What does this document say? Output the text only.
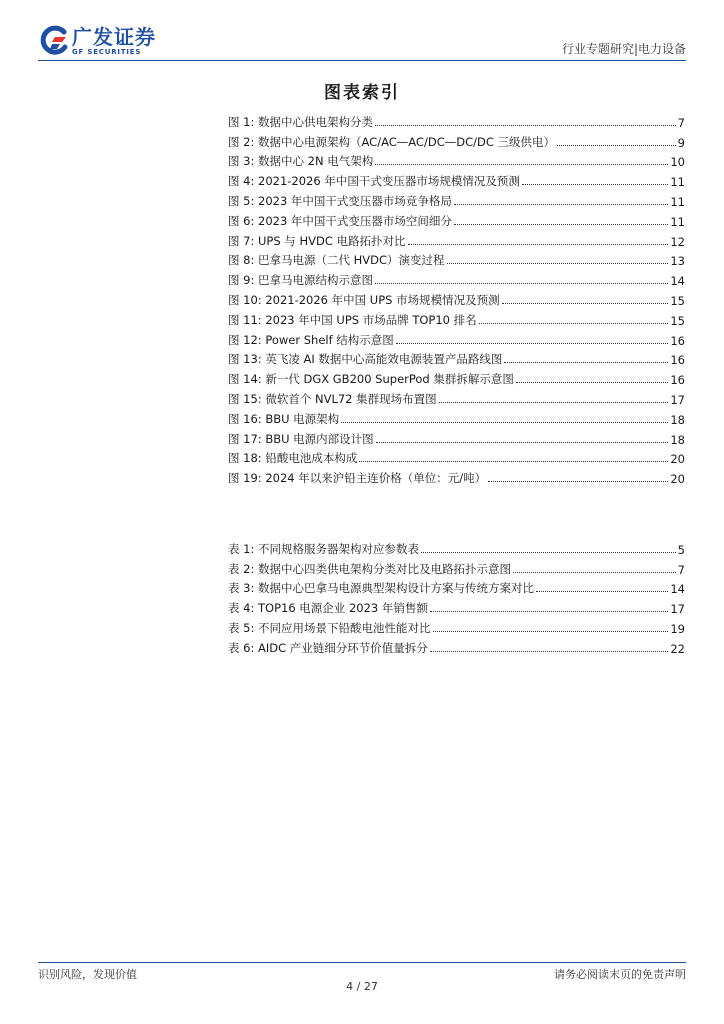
广发证券
GF SECURITIES	行业专题研究|电力设备
图表索引
图 1: 数据中心供电架构分类	7
图 2: 数据中心电源架构（AC/AC—AC/DC—DC/DC 三级供电）	9
图 3: 数据中心 2N 电气架构	10
图 4: 2021-2026 年中国干式变压器市场规模情况及预测	11
图 5: 2023 年中国干式变压器市场竞争格局	11
图 6: 2023 年中国干式变压器市场空间细分	11
图 7: UPS 与 HVDC 电路拓扑对比	12
图 8: 巴拿马电源（二代 HVDC）演变过程	13
图 9: 巴拿马电源结构示意图	14
图 10: 2021-2026 年中国 UPS 市场规模情况及预测	15
图 11: 2023 年中国 UPS 市场品牌 TOP10 排名	15
图 12: Power Shelf 结构示意图	16
图 13: 英飞凌 AI 数据中心高能效电源装置产品路线图	16
图 14: 新一代 DGX GB200 SuperPod 集群拆解示意图	16
图 15: 微软首个 NVL72 集群现场布置图	17
图 16: BBU 电源架构	18
图 17: BBU 电源内部设计图	18
图 18: 铅酸电池成本构成	20
图 19: 2024 年以来沪铅主连价格（单位：元/吨）	20
表 1: 不同规格服务器架构对应参数表	5
表 2: 数据中心四类供电架构分类对比及电路拓扑示意图	7
表 3: 数据中心巴拿马电源典型架构设计方案与传统方案对比	14
表 4: TOP16 电源企业 2023 年销售额	17
表 5: 不同应用场景下铅酸电池性能对比	19
表 6: AIDC 产业链细分环节价值量拆分	22
识别风险，发现价值	请务必阅读末页的免责声明
4 / 27
